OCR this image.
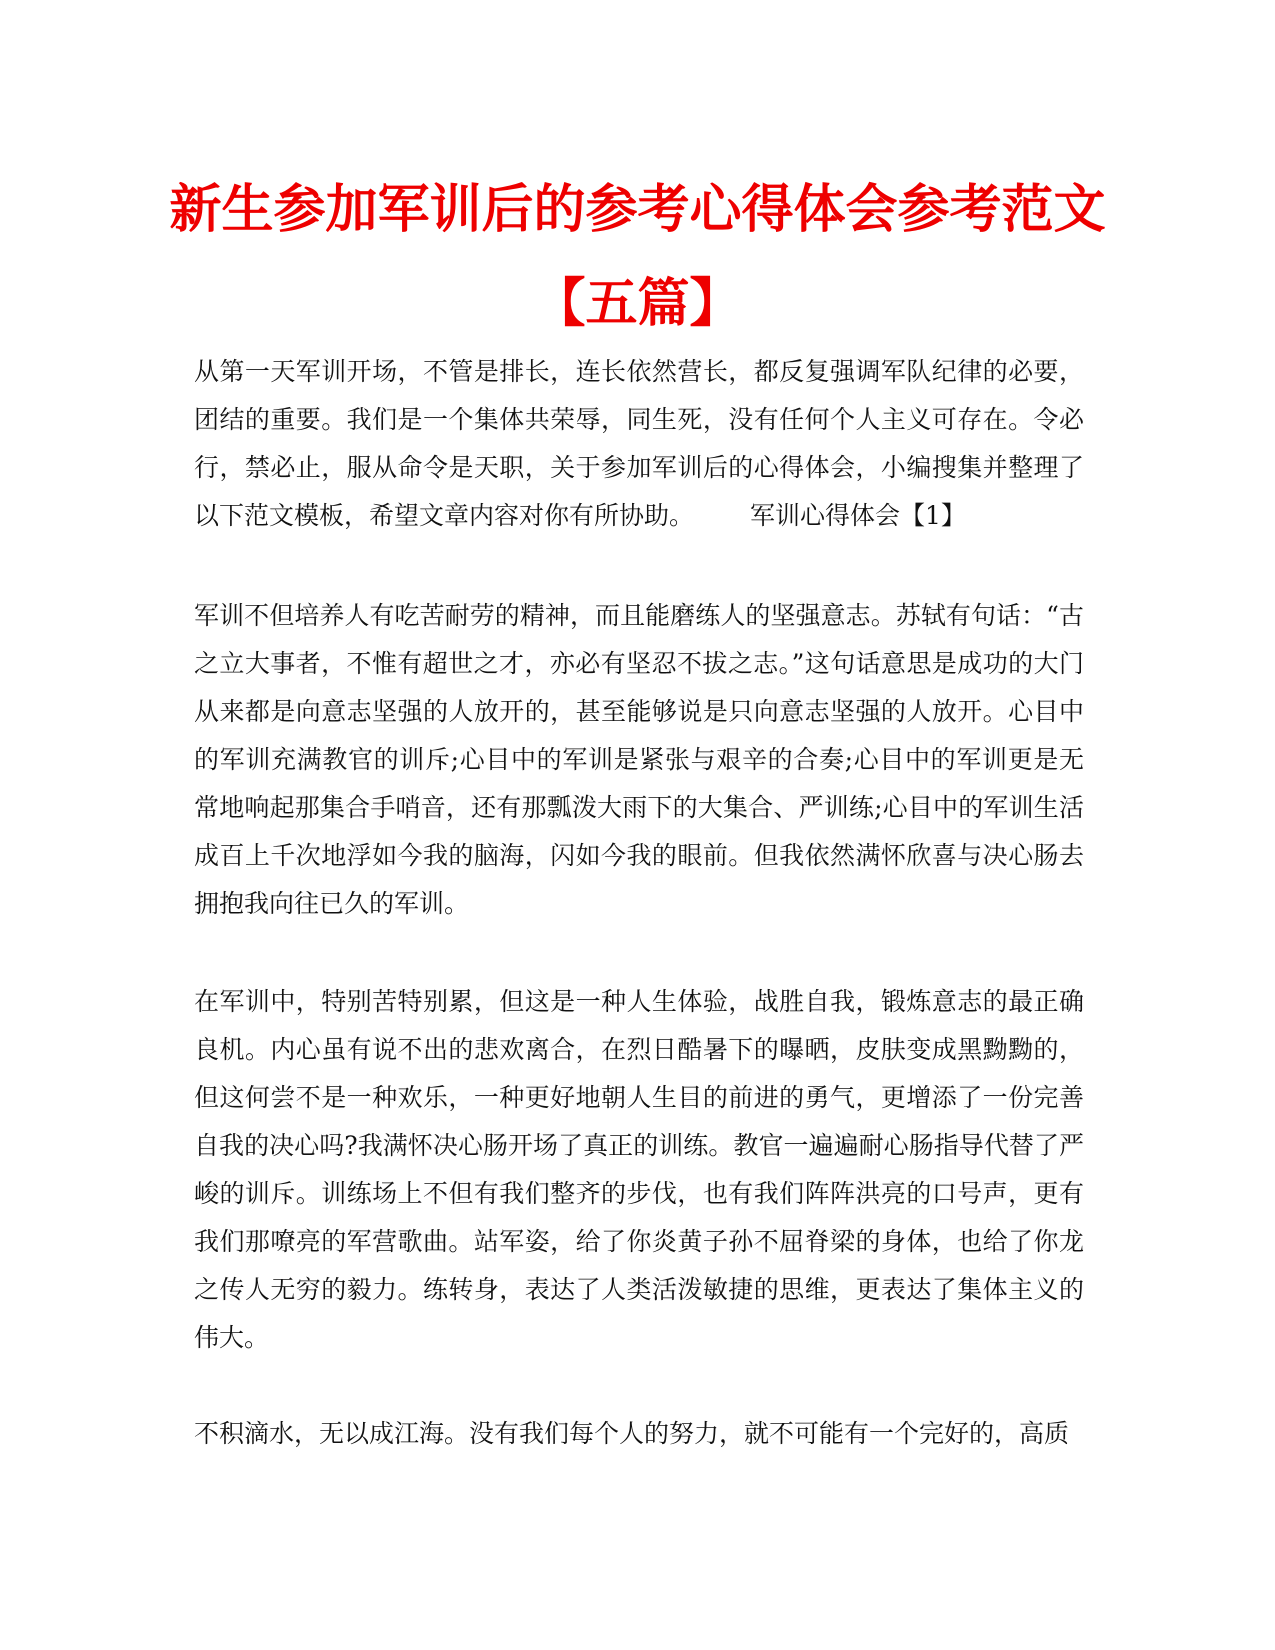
新生参加军训后的参考心得体会参考范文
【五篇】

从第一天军训开场，不管是排长，连长依然营长，都反复强调军队纪律的必要，团结的重要。我们是一个集体共荣辱，同生死，没有任何个人主义可存在。令必行，禁必止，服从命令是天职，关于参加军训后的心得体会，小编搜集并整理了以下范文模板，希望文章内容对你有所协助。 军训心得体会【1】

军训不但培养人有吃苦耐劳的精神，而且能磨练人的坚强意志。苏轼有句话：“古之立大事者，不惟有超世之才，亦必有坚忍不拔之志。”这句话意思是成功的大门从来都是向意志坚强的人放开的，甚至能够说是只向意志坚强的人放开。心目中的军训充满教官的训斥;心目中的军训是紧张与艰辛的合奏;心目中的军训更是无常地响起那集合手哨音，还有那瓢泼大雨下的大集合、严训练;心目中的军训生活成百上千次地浮如今我的脑海，闪如今我的眼前。但我依然满怀欣喜与决心肠去拥抱我向往已久的军训。

在军训中，特别苦特别累，但这是一种人生体验，战胜自我，锻炼意志的最正确良机。内心虽有说不出的悲欢离合，在烈日酷暑下的曝晒，皮肤变成黑黝黝的，但这何尝不是一种欢乐，一种更好地朝人生目的前进的勇气，更增添了一份完善自我的决心吗?我满怀决心肠开场了真正的训练。教官一遍遍耐心肠指导代替了严峻的训斥。训练场上不但有我们整齐的步伐，也有我们阵阵洪亮的口号声，更有我们那嘹亮的军营歌曲。站军姿，给了你炎黄子孙不屈脊梁的身体，也给了你龙之传人无穷的毅力。练转身，表达了人类活泼敏捷的思维，更表达了集体主义的伟大。

不积滴水，无以成江海。没有我们每个人的努力，就不可能有一个完好的，高质
